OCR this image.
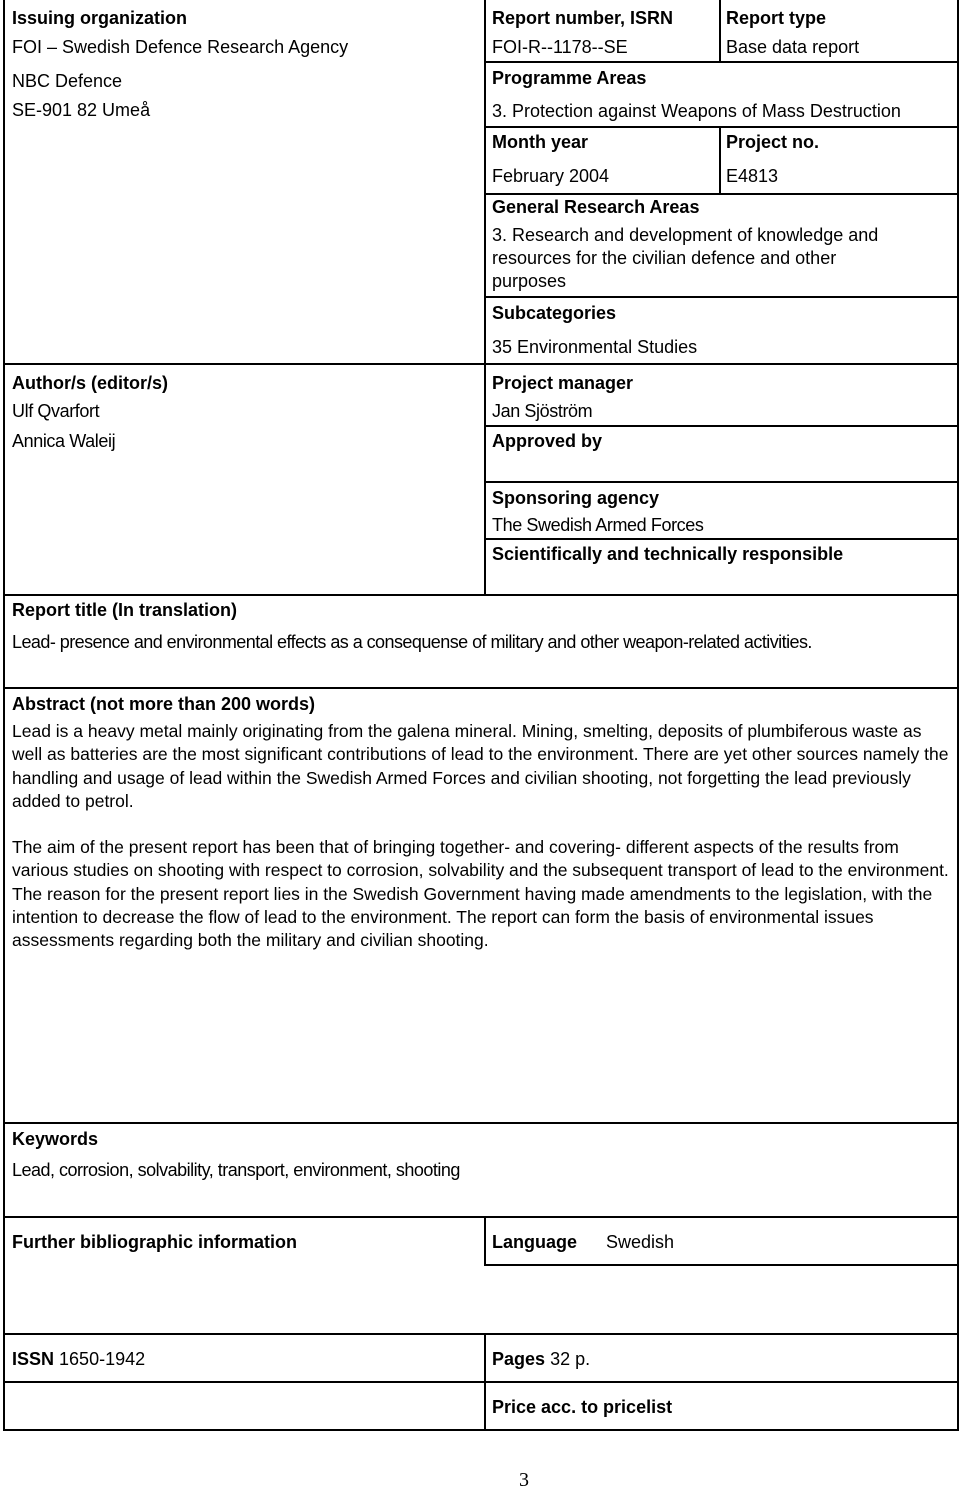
Issuing organization
FOI – Swedish Defence Research Agency
NBC Defence
SE-901 82 Umeå
Report number, ISRN
FOI-R--1178--SE
Report type
Base data report
Programme Areas
3. Protection against Weapons of Mass Destruction
Month year
February 2004
Project no.
E4813
General Research Areas
3. Research and development of knowledge and
resources for the civilian defence and other
purposes
Subcategories
35 Environmental Studies
Author/s (editor/s)
Ulf Qvarfort
Annica Waleij
Project manager
Jan Sjöström
Approved by
Sponsoring agency
The Swedish Armed Forces
Scientifically and technically responsible
Report title (In translation)
Lead- presence and environmental effects as a consequense of military and other weapon-related activities.
Abstract (not more than 200 words)
Lead is a heavy metal mainly originating from the galena mineral. Mining, smelting, deposits of plumbiferous waste as well as batteries are the most significant contributions of lead to the environment. There are yet other sources namely the handling and usage of lead within the Swedish Armed Forces and civilian shooting, not forgetting the lead previously added to petrol.
The aim of the present report has been that of bringing together- and covering- different aspects of the results from various studies on shooting with respect to corrosion, solvability and the subsequent transport of lead to the environment. The reason for the present report lies in the Swedish Government having made amendments to the legislation, with the intention to decrease the flow of lead to the environment. The report can form the basis of environmental issues assessments regarding both the military and civilian shooting.
Keywords
Lead, corrosion, solvability, transport, environment, shooting
Further bibliographic information	Language Swedish
ISSN 1650-1942	Pages 32 p.
Price acc. to pricelist
3
